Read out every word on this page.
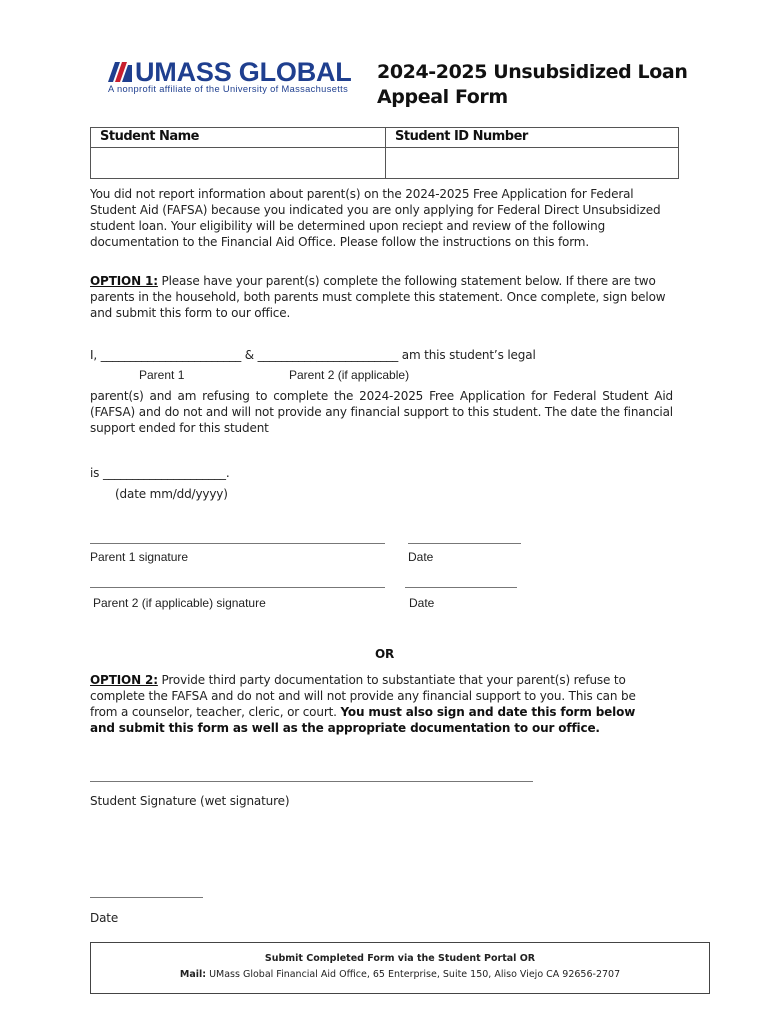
UMASS GLOBAL
A nonprofit affiliate of the University of Massachusetts
2024-2025 Unsubsidized Loan
Appeal Form
Student Name	Student ID Number
You did not report information about parent(s) on the 2024-2025 Free Application for Federal Student Aid (FAFSA) because you indicated you are only applying for Federal Direct Unsubsidized student loan. Your eligibility will be determined upon reciept and review of the following documentation to the Financial Aid Office. Please follow the instructions on this form.
OPTION 1: Please have your parent(s) complete the following statement below. If there are two parents in the household, both parents must complete this statement. Once complete, sign below and submit this form to our office.
I, ________________________ & ________________________ am this student’s legal
Parent 1	Parent 2 (if applicable)
parent(s) and am refusing to complete the 2024-2025 Free Application for Federal Student Aid (FAFSA) and do not and will not provide any financial support to this student. The date the financial support ended for this student
is _____________________.
(date mm/dd/yyyy)
Parent 1 signature	Date
Parent 2 (if applicable) signature	Date
OR
OPTION 2: Provide third party documentation to substantiate that your parent(s) refuse to complete the FAFSA and do not and will not provide any financial support to you. This can be from a counselor, teacher, cleric, or court. You must also sign and date this form below and submit this form as well as the appropriate documentation to our office.
Student Signature (wet signature)
Date
Submit Completed Form via the Student Portal OR
Mail: UMass Global Financial Aid Office, 65 Enterprise, Suite 150, Aliso Viejo CA 92656-2707
